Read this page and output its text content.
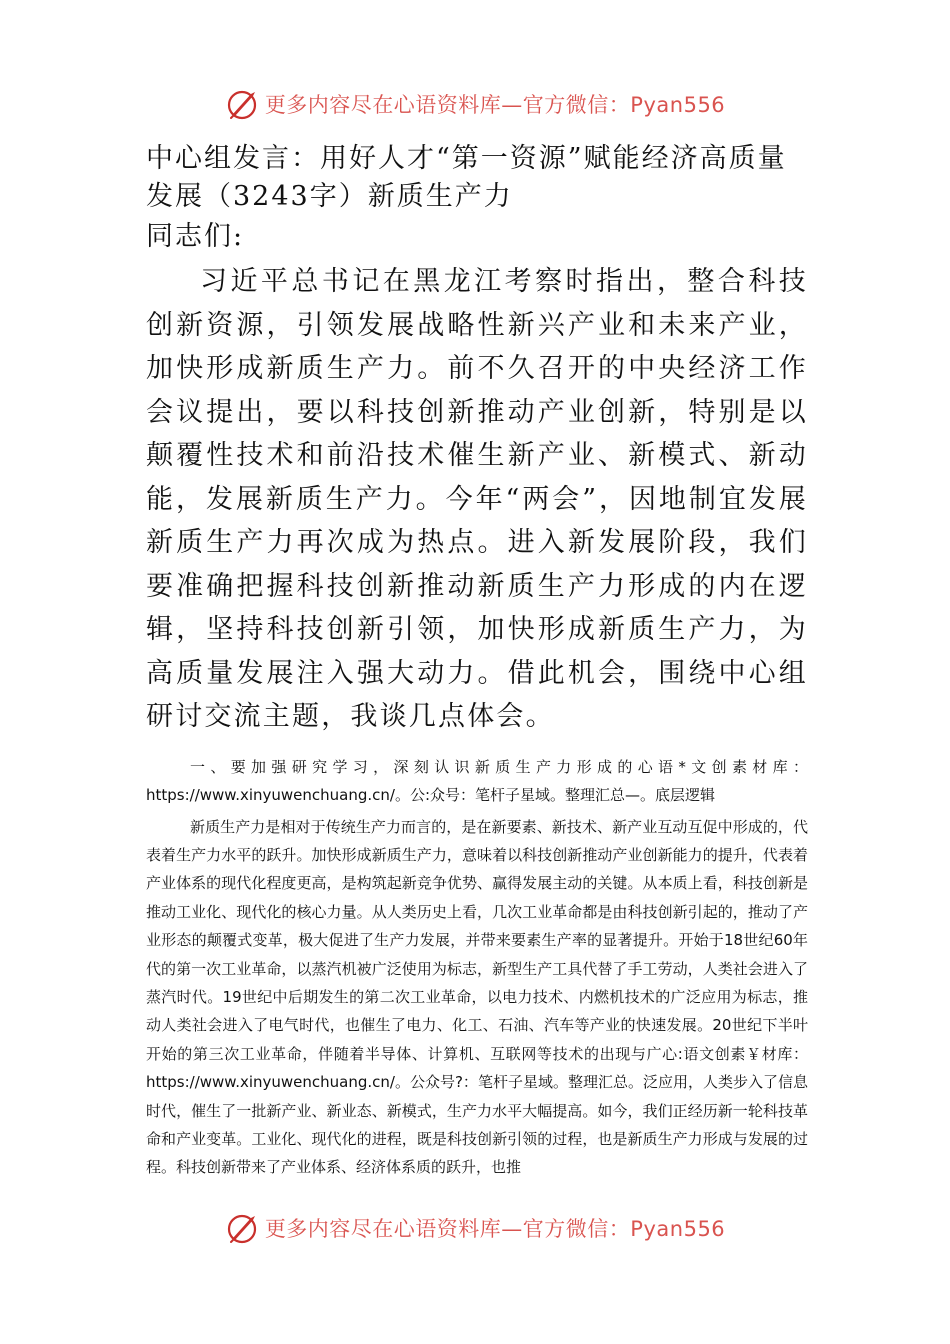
更多内容尽在心语资料库—官方微信：Pyan556
中心组发言：用好人才“第一资源”赋能经济高质量发展（3243字）新质生产力

同志们:

习近平总书记在黑龙江考察时指出，整合科技创新资源，引领发展战略性新兴产业和未来产业，加快形成新质生产力。前不久召开的中央经济工作会议提出，要以科技创新推动产业创新，特别是以颠覆性技术和前沿技术催生新产业、新模式、新动能，发展新质生产力。今年“两会”，因地制宜发展新质生产力再次成为热点。进入新发展阶段，我们要准确把握科技创新推动新质生产力形成的内在逻辑，坚持科技创新引领，加快形成新质生产力，为高质量发展注入强大动力。借此机会，围绕中心组研讨交流主题，我谈几点体会。

一、要加强研究学习，深刻认识新质生产力形成的心语*文创素材库：https://www.xinyuwenchuang.cn/。公:众号：笔杆子星域。整理汇总—。底层逻辑

新质生产力是相对于传统生产力而言的，是在新要素、新技术、新产业互动互促中形成的，代表着生产力水平的跃升。加快形成新质生产力，意味着以科技创新推动产业创新能力的提升，代表着产业体系的现代化程度更高，是构筑起新竞争优势、赢得发展主动的关键。从本质上看，科技创新是推动工业化、现代化的核心力量。从人类历史上看，几次工业革命都是由科技创新引起的，推动了产业形态的颠覆式变革，极大促进了生产力发展，并带来要素生产率的显著提升。开始于18世纪60年代的第一次工业革命，以蒸汽机被广泛使用为标志，新型生产工具代替了手工劳动，人类社会进入了蒸汽时代。19世纪中后期发生的第二次工业革命，以电力技术、内燃机技术的广泛应用为标志，推动人类社会进入了电气时代，也催生了电力、化工、石油、汽车等产业的快速发展。20世纪下半叶开始的第三次工业革命，伴随着半导体、计算机、互联网等技术的出现与广心:语文创素￥材库：https://www.xinyuwenchuang.cn/。公众号?：笔杆子星域。整理汇总。泛应用，人类步入了信息时代，催生了一批新产业、新业态、新模式，生产力水平大幅提高。如今，我们正经历新一轮科技革命和产业变革。工业化、现代化的进程，既是科技创新引领的过程，也是新质生产力形成与发展的过程。科技创新带来了产业体系、经济体系质的跃升，也推

更多内容尽在心语资料库—官方微信：Pyan556
